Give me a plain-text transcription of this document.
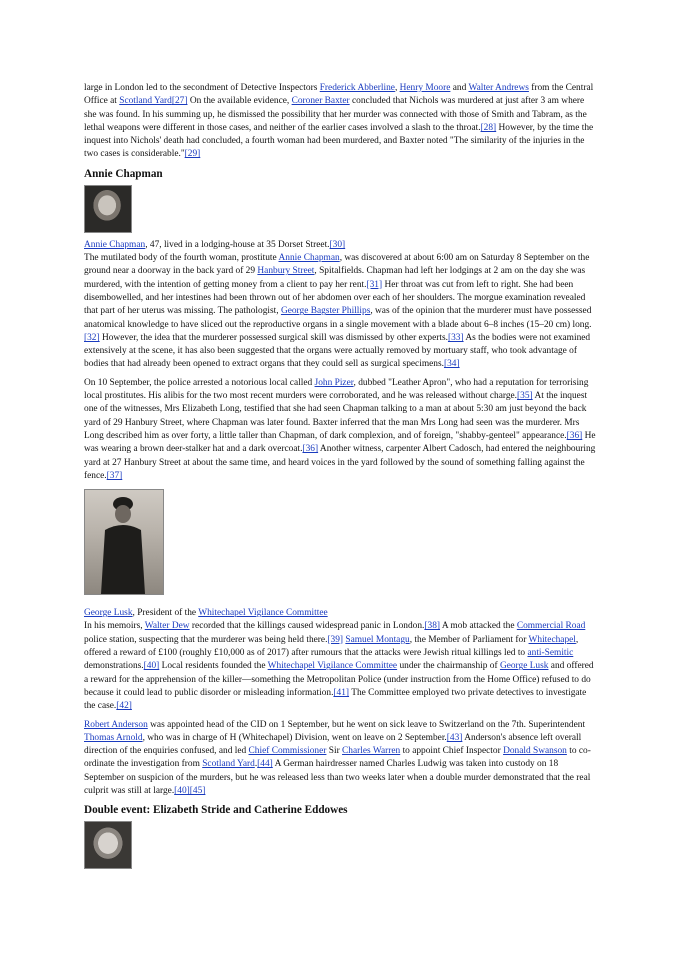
large in London led to the secondment of Detective Inspectors Frederick Abberline, Henry Moore and Walter Andrews from the Central Office at Scotland Yard[27] On the available evidence, Coroner Baxter concluded that Nichols was murdered at just after 3 am where she was found. In his summing up, he dismissed the possibility that her murder was connected with those of Smith and Tabram, as the lethal weapons were different in those cases, and neither of the earlier cases involved a slash to the throat.[28] However, by the time the inquest into Nichols' death had concluded, a fourth woman had been murdered, and Baxter noted "The similarity of the injuries in the two cases is considerable."[29]

Annie Chapman

Annie Chapman, 47, lived in a lodging-house at 35 Dorset Street.[30]

The mutilated body of the fourth woman, prostitute Annie Chapman, was discovered at about 6:00 am on Saturday 8 September on the ground near a doorway in the back yard of 29 Hanbury Street, Spitalfields. Chapman had left her lodgings at 2 am on the day she was murdered, with the intention of getting money from a client to pay her rent.[31] Her throat was cut from left to right. She had been disembowelled, and her intestines had been thrown out of her abdomen over each of her shoulders. The morgue examination revealed that part of her uterus was missing. The pathologist, George Bagster Phillips, was of the opinion that the murderer must have possessed anatomical knowledge to have sliced out the reproductive organs in a single movement with a blade about 6–8 inches (15–20 cm) long.[32] However, the idea that the murderer possessed surgical skill was dismissed by other experts.[33] As the bodies were not examined extensively at the scene, it has also been suggested that the organs were actually removed by mortuary staff, who took advantage of bodies that had already been opened to extract organs that they could sell as surgical specimens.[34]

On 10 September, the police arrested a notorious local called John Pizer, dubbed "Leather Apron", who had a reputation for terrorising local prostitutes. His alibis for the two most recent murders were corroborated, and he was released without charge.[35] At the inquest one of the witnesses, Mrs Elizabeth Long, testified that she had seen Chapman talking to a man at about 5:30 am just beyond the back yard of 29 Hanbury Street, where Chapman was later found. Baxter inferred that the man Mrs Long had seen was the murderer. Mrs Long described him as over forty, a little taller than Chapman, of dark complexion, and of foreign, "shabby-genteel" appearance.[36] He was wearing a brown deer-stalker hat and a dark overcoat.[36] Another witness, carpenter Albert Cadosch, had entered the neighbouring yard at 27 Hanbury Street at about the same time, and heard voices in the yard followed by the sound of something falling against the fence.[37]

George Lusk, President of the Whitechapel Vigilance Committee

In his memoirs, Walter Dew recorded that the killings caused widespread panic in London.[38] A mob attacked the Commercial Road police station, suspecting that the murderer was being held there.[39] Samuel Montagu, the Member of Parliament for Whitechapel, offered a reward of £100 (roughly £10,000 as of 2017) after rumours that the attacks were Jewish ritual killings led to anti-Semitic demonstrations.[40] Local residents founded the Whitechapel Vigilance Committee under the chairmanship of George Lusk and offered a reward for the apprehension of the killer—something the Metropolitan Police (under instruction from the Home Office) refused to do because it could lead to public disorder or misleading information.[41] The Committee employed two private detectives to investigate the case.[42]

Robert Anderson was appointed head of the CID on 1 September, but he went on sick leave to Switzerland on the 7th. Superintendent Thomas Arnold, who was in charge of H (Whitechapel) Division, went on leave on 2 September.[43] Anderson's absence left overall direction of the enquiries confused, and led Chief Commissioner Sir Charles Warren to appoint Chief Inspector Donald Swanson to co-ordinate the investigation from Scotland Yard.[44] A German hairdresser named Charles Ludwig was taken into custody on 18 September on suspicion of the murders, but he was released less than two weeks later when a double murder demonstrated that the real culprit was still at large.[40][45]

Double event: Elizabeth Stride and Catherine Eddowes
